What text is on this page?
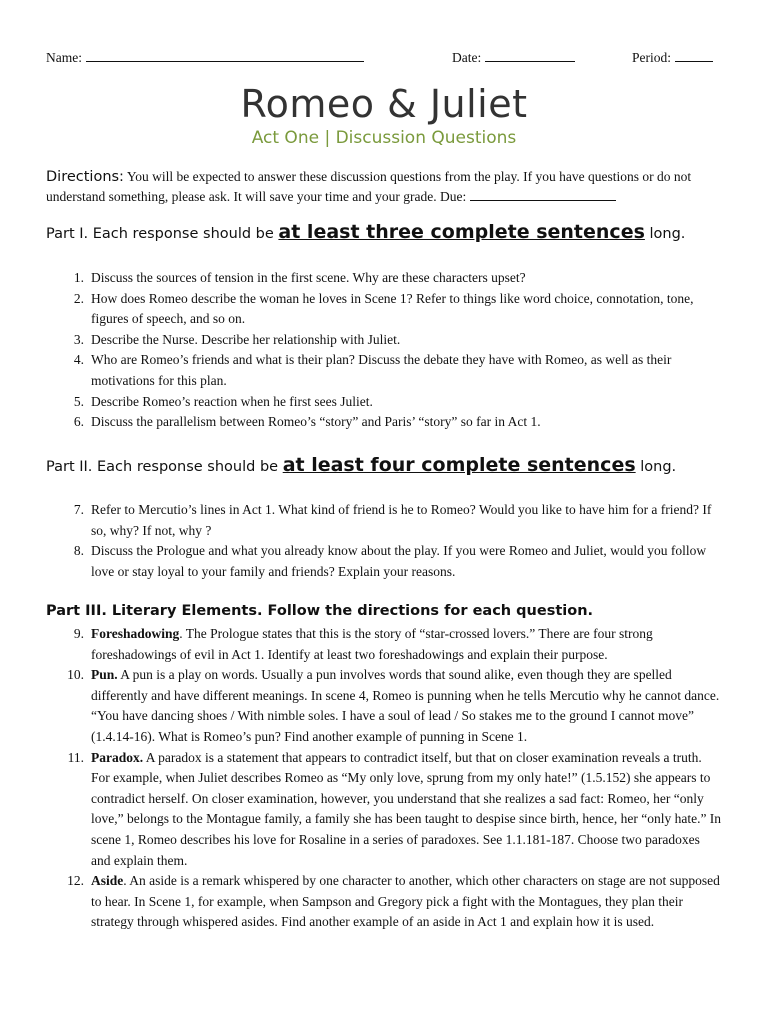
Name:	Date:	Period:
Romeo & Juliet
Act One | Discussion Questions
Directions: You will be expected to answer these discussion questions from the play. If you have questions or do not understand something, please ask. It will save your time and your grade. Due:
Part I. Each response should be at least three complete sentences long.
1. Discuss the sources of tension in the first scene. Why are these characters upset?
2. How does Romeo describe the woman he loves in Scene 1? Refer to things like word choice, connotation, tone, figures of speech, and so on.
3. Describe the Nurse. Describe her relationship with Juliet.
4. Who are Romeo’s friends and what is their plan? Discuss the debate they have with Romeo, as well as their motivations for this plan.
5. Describe Romeo’s reaction when he first sees Juliet.
6. Discuss the parallelism between Romeo’s “story” and Paris’ “story” so far in Act 1.
Part II. Each response should be at least four complete sentences long.
7. Refer to Mercutio’s lines in Act 1. What kind of friend is he to Romeo? Would you like to have him for a friend? If so, why? If not, why ?
8. Discuss the Prologue and what you already know about the play. If you were Romeo and Juliet, would you follow love or stay loyal to your family and friends? Explain your reasons.
Part III. Literary Elements. Follow the directions for each question.
9. Foreshadowing. The Prologue states that this is the story of “star-crossed lovers.” There are four strong foreshadowings of evil in Act 1. Identify at least two foreshadowings and explain their purpose.
10. Pun. A pun is a play on words. Usually a pun involves words that sound alike, even though they are spelled differently and have different meanings. In scene 4, Romeo is punning when he tells Mercutio why he cannot dance. “You have dancing shoes / With nimble soles. I have a soul of lead / So stakes me to the ground I cannot move” (1.4.14-16). What is Romeo’s pun? Find another example of punning in Scene 1.
11. Paradox. A paradox is a statement that appears to contradict itself, but that on closer examination reveals a truth. For example, when Juliet describes Romeo as “My only love, sprung from my only hate!” (1.5.152) she appears to contradict herself. On closer examination, however, you understand that she realizes a sad fact: Romeo, her “only love,” belongs to the Montague family, a family she has been taught to despise since birth, hence, her “only hate.” In scene 1, Romeo describes his love for Rosaline in a series of paradoxes. See 1.1.181-187. Choose two paradoxes and explain them.
12. Aside. An aside is a remark whispered by one character to another, which other characters on stage are not supposed to hear. In Scene 1, for example, when Sampson and Gregory pick a fight with the Montagues, they plan their strategy through whispered asides. Find another example of an aside in Act 1 and explain how it is used.
